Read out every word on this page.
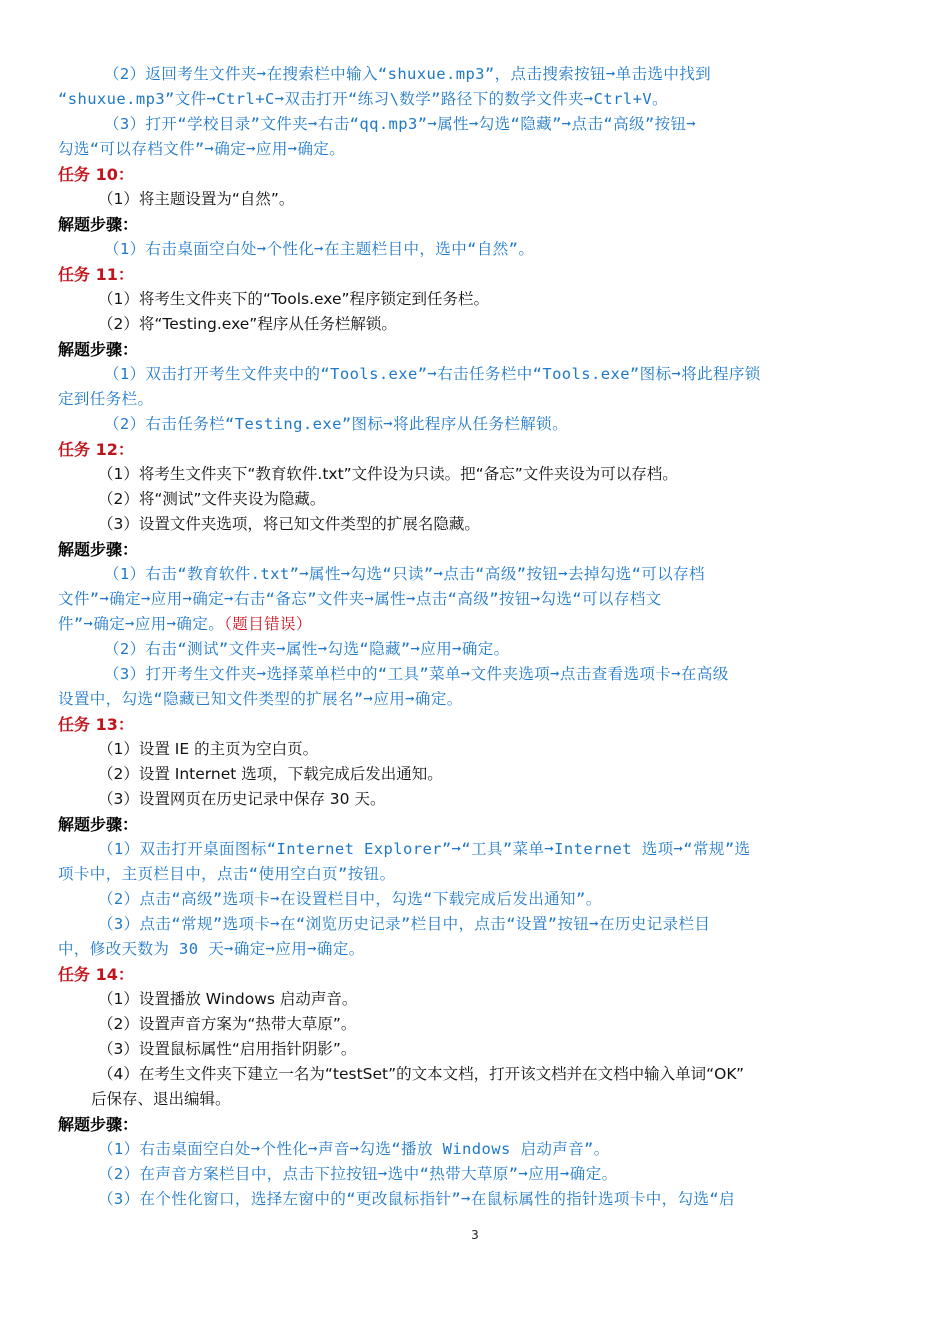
（2）返回考生文件夹➞在搜索栏中输入“shuxue.mp3”，点击搜索按钮➞单击选中找到
“shuxue.mp3”文件➞Ctrl+C➞双击打开“练习\数学”路径下的数学文件夹➞Ctrl+V。
（3）打开“学校目录”文件夹➞右击“qq.mp3”➞属性➞勾选“隐藏”➞点击“高级”按钮➞
勾选“可以存档文件”➞确定➞应用➞确定。
任务 10：
（1）将主题设置为“自然”。
解题步骤：
（1）右击桌面空白处➞个性化➞在主题栏目中，选中“自然”。
任务 11：
（1）将考生文件夹下的“Tools.exe”程序锁定到任务栏。
（2）将“Testing.exe”程序从任务栏解锁。
解题步骤：
（1）双击打开考生文件夹中的“Tools.exe”➞右击任务栏中“Tools.exe”图标➞将此程序锁
定到任务栏。
（2）右击任务栏“Testing.exe”图标➞将此程序从任务栏解锁。
任务 12：
（1）将考生文件夹下“教育软件.txt”文件设为只读。把“备忘”文件夹设为可以存档。
（2）将“测试”文件夹设为隐藏。
（3）设置文件夹选项，将已知文件类型的扩展名隐藏。
解题步骤：
（1）右击“教育软件.txt”➞属性➞勾选“只读”➞点击“高级”按钮➞去掉勾选“可以存档
文件”➞确定➞应用➞确定➞右击“备忘”文件夹➞属性➞点击“高级”按钮➞勾选“可以存档文
件”➞确定➞应用➞确定。（题目错误）
（2）右击“测试”文件夹➞属性➞勾选“隐藏”➞应用➞确定。
（3）打开考生文件夹➞选择菜单栏中的“工具”菜单➞文件夹选项➞点击查看选项卡➞在高级
设置中，勾选“隐藏已知文件类型的扩展名”➞应用➞确定。
任务 13：
（1）设置 IE 的主页为空白页。
（2）设置 Internet 选项，下载完成后发出通知。
（3）设置网页在历史记录中保存 30 天。
解题步骤：
（1）双击打开桌面图标“Internet Explorer”➞“工具”菜单➞Internet 选项➞“常规”选
项卡中，主页栏目中，点击“使用空白页”按钮。
（2）点击“高级”选项卡➞在设置栏目中，勾选“下载完成后发出通知”。
（3）点击“常规”选项卡➞在“浏览历史记录”栏目中，点击“设置”按钮➞在历史记录栏目
中，修改天数为 30 天➞确定➞应用➞确定。
任务 14：
（1）设置播放 Windows 启动声音。
（2）设置声音方案为“热带大草原”。
（3）设置鼠标属性“启用指针阴影”。
（4）在考生文件夹下建立一名为“testSet”的文本文档，打开该文档并在文档中输入单词“OK”
后保存、退出编辑。
解题步骤：
（1）右击桌面空白处➞个性化➞声音➞勾选“播放 Windows 启动声音”。
（2）在声音方案栏目中，点击下拉按钮➞选中“热带大草原”➞应用➞确定。
（3）在个性化窗口，选择左窗中的“更改鼠标指针”➞在鼠标属性的指针选项卡中，勾选“启
3
